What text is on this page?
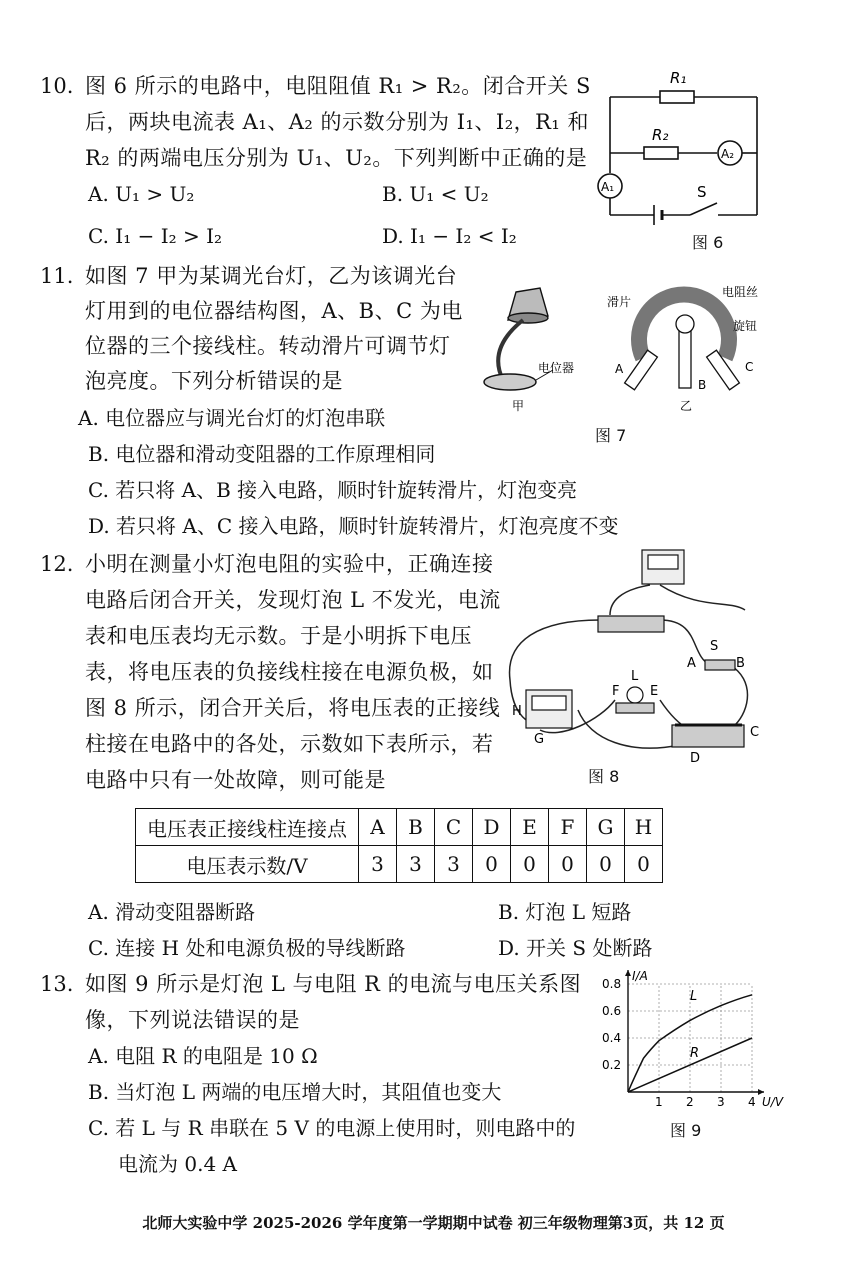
10. 图 6 所示的电路中，电阻阻值 R₁ > R₂。闭合开关 S
后，两块电流表 A₁、A₂ 的示数分别为 I₁、I₂，R₁ 和
R₂ 的两端电压分别为 U₁、U₂。下列判断中正确的是
A. U₁ > U₂	B. U₁ < U₂
C. I₁ − I₂ > I₂	D. I₁ − I₂ < I₂
R₁
R₂
A₂
A₁	S
图 6
11. 如图 7 甲为某调光台灯，乙为该调光台
灯用到的电位器结构图，A、B、C 为电
位器的三个接线柱。转动滑片可调节灯
泡亮度。下列分析错误的是
A. 电位器应与调光台灯的灯泡串联
B. 电位器和滑动变阻器的工作原理相同
C. 若只将 A、B 接入电路，顺时针旋转滑片，灯泡变亮
D. 若只将 A、C 接入电路，顺时针旋转滑片，灯泡亮度不变
电位器
甲
滑片
电阻丝
旋钮
A
B
C
乙
图 7
12. 小明在测量小灯泡电阻的实验中，正确连接
电路后闭合开关，发现灯泡 L 不发光，电流
表和电压表均无示数。于是小明拆下电压
表，将电压表的负接线柱接在电源负极，如
图 8 所示，闭合开关后，将电压表的正接线
柱接在电路中的各处，示数如下表所示，若
电路中只有一处故障，则可能是
S
A	B
C
D
L
F E
H
G
图 8
电压表正接线柱连接点	A	B	C	D	E	F	G	H
电压表示数/V	3	3	3	0	0	0	0	0
A. 滑动变阻器断路	B. 灯泡 L 短路
C. 连接 H 处和电源负极的导线断路	D. 开关 S 处断路
13. 如图 9 所示是灯泡 L 与电阻 R 的电流与电压关系图
像，下列说法错误的是
A. 电阻 R 的电阻是 10 Ω
B. 当灯泡 L 两端的电压增大时，其阻值也变大
C. 若 L 与 R 串联在 5 V 的电源上使用时，则电路中的
电流为 0.4 A
1 2 3 4
0.2
0.4
0.6
0.8
U/V
I/A
L
R
图 9
北师大实验中学 2025-2026 学年度第一学期期中试卷 初三年级物理第3页，共 12 页
